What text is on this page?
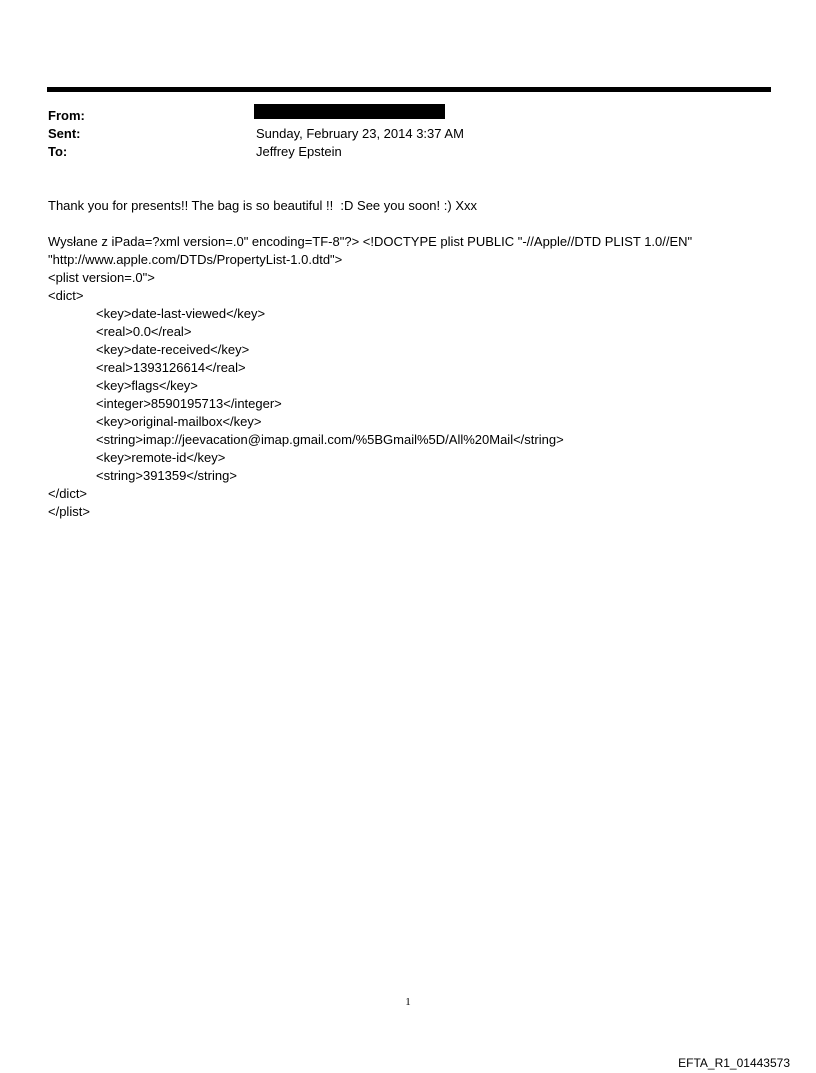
From:
Sent:	Sunday, February 23, 2014 3:37 AM
To:	Jeffrey Epstein
Thank you for presents!! The bag is so beautiful !!  :D See you soon! :) Xxx
Wysłane z iPada=?xml version=.0" encoding=TF-8"?> <!DOCTYPE plist PUBLIC "-//Apple//DTD PLIST 1.0//EN"
"http://www.apple.com/DTDs/PropertyList-1.0.dtd">
<plist version=.0">
<dict>
<key>date-last-viewed</key>
<real>0.0</real>
<key>date-received</key>
<real>1393126614</real>
<key>flags</key>
<integer>8590195713</integer>
<key>original-mailbox</key>
<string>imap://jeevacation@imap.gmail.com/%5BGmail%5D/All%20Mail</string>
<key>remote-id</key>
<string>391359</string>
</dict>
</plist>
1
EFTA_R1_01443573
